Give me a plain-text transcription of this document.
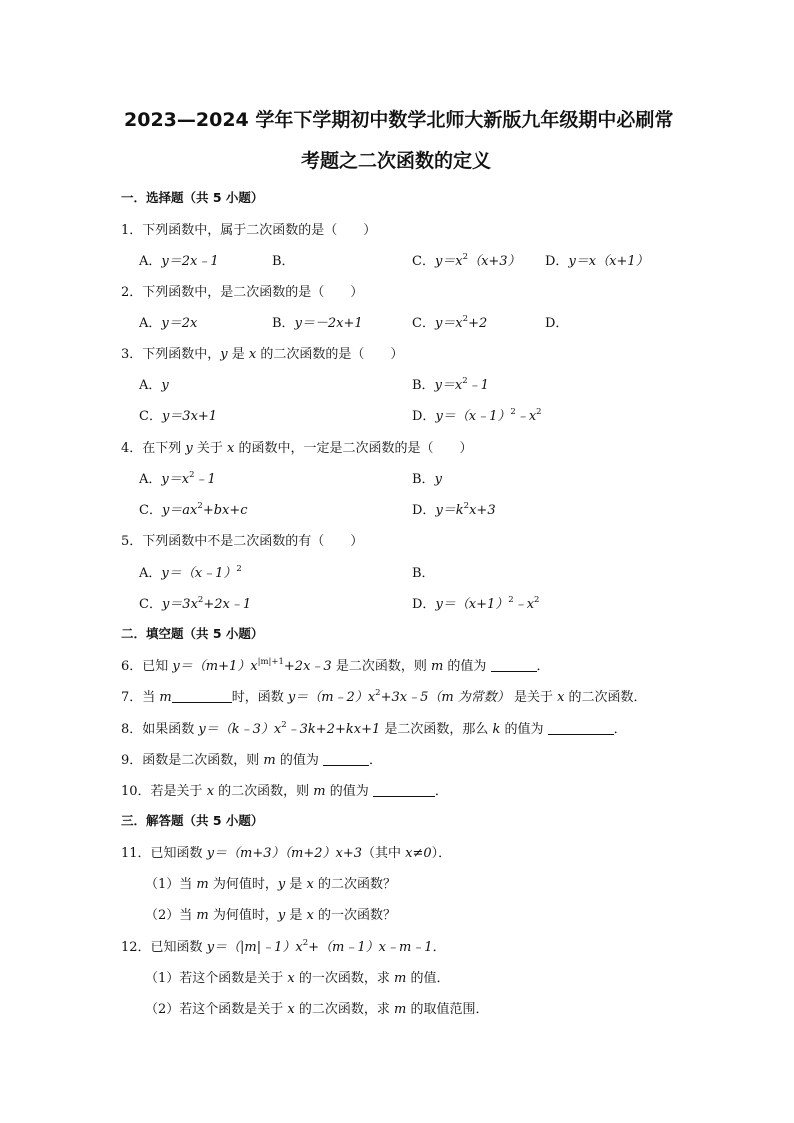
2023—2024 学年下学期初中数学北师大新版九年级期中必刷常
考题之二次函数的定义
一．选择题（共 5 小题）
1．下列函数中，属于二次函数的是（　　）
A．y＝2x﹣1	B．	C．$y=x^2(x+3)$ D．y＝x（x+1）
2．下列函数中，是二次函数的是（　　）
A．y＝2x	B．y＝－2x+1	C．$y=x^2+2$	D．
3．下列函数中，y 是 x 的二次函数的是（　　）
A．y	B．$y=x^2﹣1$
C．y＝3x+1	D．$y=(x﹣1)^2﹣x^2$
4．在下列 y 关于 x 的函数中，一定是二次函数的是（　　）
A．$y=x^2﹣1$	B．y
C．$y=ax^2+bx+c$	D．$y=k^2x+3$
5．下列函数中不是二次函数的有（　　）
A．y＝（x﹣1）$^2$	B．
C．$y=3x^2+2x﹣1$	D．$y=(x+1)^2﹣x^2$
二．填空题（共 5 小题）
6．已知 $y=(m+1)x^{|m|+1}+2x﹣3$ 是二次函数，则 m 的值为	．
7．当 m	时，函数 $y=(m﹣2)x^2+3x﹣5(m$ 为常数） 是关于 x 的二次函数．
8．如果函数 $y=(k﹣3)x^2﹣3k+2+kx+1$ 是二次函数，那么 k 的值为	．
9．函数是二次函数，则 m 的值为	．
10．若是关于 x 的二次函数，则 m 的值为	．
三．解答题（共 5 小题）
11．已知函数 y＝（m+3）（m+2）x+3（其中 x≠0）．
（1）当 m 为何值时，y 是 x 的二次函数？
（2）当 m 为何值时，y 是 x 的一次函数？
12．已知函数 $y=(|m|﹣1)x^2+(m﹣1)x﹣m﹣1$．
（1）若这个函数是关于 x 的一次函数，求 m 的值．
（2）若这个函数是关于 x 的二次函数，求 m 的取值范围．
